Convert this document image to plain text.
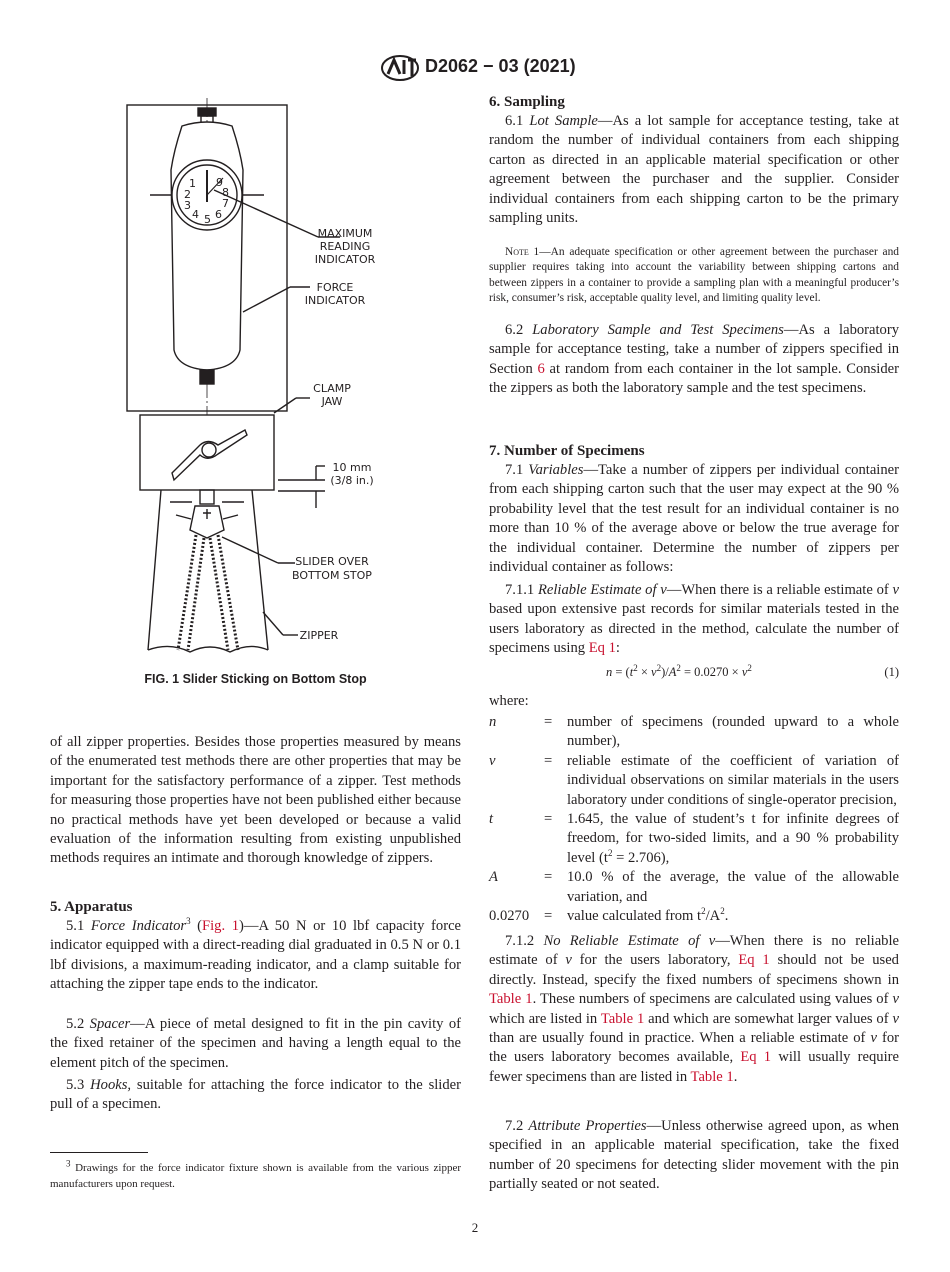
D2062 − 03 (2021)
1
2
3
4 5 6
7
8
9
MAXIMUM
READING
INDICATOR
FORCE
INDICATOR
CLAMP
JAW
10 mm
(3/8 in.)
SLIDER OVER
BOTTOM STOP
ZIPPER
FIG. 1 Slider Sticking on Bottom Stop
of all zipper properties. Besides those properties measured by means of the enumerated test methods there are other properties that may be important for the satisfactory performance of a zipper. Test methods for measuring those properties have not been published either because no practical methods have yet been developed or because a valid evaluation of the information resulting from existing unpublished methods requires an intimate and thorough knowledge of zippers.
5. Apparatus
5.1 Force Indicator$^3$ (Fig. 1)—A 50 N or 10 lbf capacity force indicator equipped with a direct-reading dial graduated in 0.5 N or 0.1 lbf divisions, a maximum-reading indicator, and a clamp suitable for attaching the zipper tape ends to the indicator.
5.2 Spacer—A piece of metal designed to fit in the pin cavity of the fixed retainer of the specimen and having a length equal to the element pitch of the specimen.
5.3 Hooks, suitable for attaching the force indicator to the slider pull of a specimen.
$^3$ Drawings for the force indicator fixture shown is available from the various zipper manufacturers upon request.
6. Sampling
6.1 Lot Sample—As a lot sample for acceptance testing, take at random the number of individual containers from each shipping carton as directed in an applicable material specification or other agreement between the purchaser and the supplier. Consider individual containers from each shipping carton to be the primary sampling units.
Note 1—An adequate specification or other agreement between the purchaser and supplier requires taking into account the variability between shipping cartons and between zippers in a container to provide a sampling plan with a meaningful producer’s risk, consumer’s risk, acceptable quality level, and limiting quality level.
6.2 Laboratory Sample and Test Specimens—As a laboratory sample for acceptance testing, take a number of zippers specified in Section 6 at random from each container in the lot sample. Consider the zippers as both the laboratory sample and the test specimens.
7. Number of Specimens
7.1 Variables—Take a number of zippers per individual container from each shipping carton such that the user may expect at the 90 % probability level that the test result for an individual container is no more than 10 % of the average above or below the true average for the individual container. Determine the number of zippers per individual container as follows:
7.1.1 Reliable Estimate of v—When there is a reliable estimate of v based upon extensive past records for similar materials tested in the users laboratory as directed in the method, calculate the number of specimens using Eq 1:
$n = (t^2 \times v^2)/A^2 = 0.0270 \times v^2$	(1)
where:
n	=	number of specimens (rounded upward to a whole number),
v	=	reliable estimate of the coefficient of variation of individual observations on similar materials in the users laboratory under conditions of single-operator precision,
t	=	1.645, the value of student’s t for infinite degrees of freedom, for two-sided limits, and a 90 % probability level $(t^2 = 2.706)$,
A	=	10.0 % of the average, the value of the allowable variation, and
0.0270	=	value calculated from $t^2/A^2$.
7.1.2 No Reliable Estimate of v—When there is no reliable estimate of v for the users laboratory, Eq 1 should not be used directly. Instead, specify the fixed numbers of specimens shown in Table 1. These numbers of specimens are calculated using values of v which are listed in Table 1 and which are somewhat larger values of v than are usually found in practice. When a reliable estimate of v for the users laboratory becomes available, Eq 1 will usually require fewer specimens than are listed in Table 1.
7.2 Attribute Properties—Unless otherwise agreed upon, as when specified in an applicable material specification, take the fixed number of 20 specimens for detecting slider movement with the pin partially seated or not seated.
2
